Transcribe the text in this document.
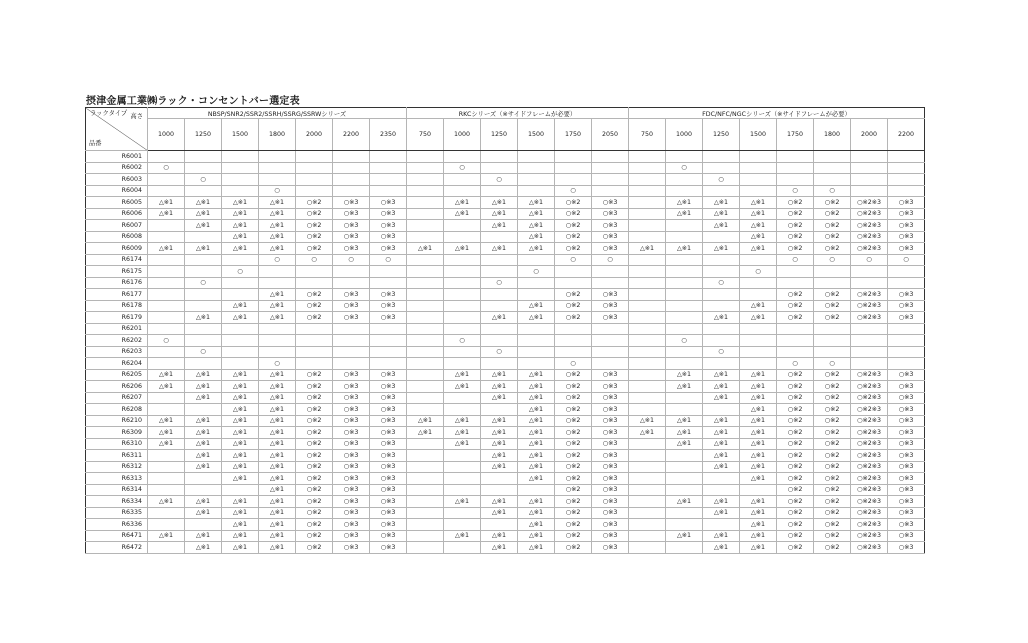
摂津金属工業㈱ラック・コンセントバー選定表
高さ
品番
ラックタイプ	NBSP/SNR2/SSR2/SSRH/SSRG/SSRWシリーズ							RKCシリーズ（※サイドフレームが必要）						FDC/NFC/NGCシリーズ（※サイドフレームが必要）							
	1000	1250	1500	1800	2000	2200	2350	750	1000	1250	1500	1750	2050	750	1000	1250	1500	1750	1800	2000	2200
R6001																					
R6002	○								○						○						
R6003		○								○						○					
R6004				○								○						○	○		
R6005	△※1	△※1	△※1	△※1	○※2	○※3	○※3		△※1	△※1	△※1	○※2	○※3		△※1	△※1	△※1	○※2	○※2	○※2※3	○※3
R6006	△※1	△※1	△※1	△※1	○※2	○※3	○※3		△※1	△※1	△※1	○※2	○※3		△※1	△※1	△※1	○※2	○※2	○※2※3	○※3
R6007		△※1	△※1	△※1	○※2	○※3	○※3			△※1	△※1	○※2	○※3			△※1	△※1	○※2	○※2	○※2※3	○※3
R6008			△※1	△※1	○※2	○※3	○※3				△※1	○※2	○※3				△※1	○※2	○※2	○※2※3	○※3
R6009	△※1	△※1	△※1	△※1	○※2	○※3	○※3	△※1	△※1	△※1	△※1	○※2	○※3	△※1	△※1	△※1	△※1	○※2	○※2	○※2※3	○※3
R6174				○	○	○	○					○	○					○	○	○	○
R6175			○								○						○				
R6176		○								○						○					
R6177				△※1	○※2	○※3	○※3					○※2	○※3					○※2	○※2	○※2※3	○※3
R6178			△※1	△※1	○※2	○※3	○※3				△※1	○※2	○※3				△※1	○※2	○※2	○※2※3	○※3
R6179		△※1	△※1	△※1	○※2	○※3	○※3			△※1	△※1	○※2	○※3			△※1	△※1	○※2	○※2	○※2※3	○※3
R6201																					
R6202	○								○						○						
R6203		○								○						○					
R6204				○								○						○	○		
R6205	△※1	△※1	△※1	△※1	○※2	○※3	○※3		△※1	△※1	△※1	○※2	○※3		△※1	△※1	△※1	○※2	○※2	○※2※3	○※3
R6206	△※1	△※1	△※1	△※1	○※2	○※3	○※3		△※1	△※1	△※1	○※2	○※3		△※1	△※1	△※1	○※2	○※2	○※2※3	○※3
R6207		△※1	△※1	△※1	○※2	○※3	○※3			△※1	△※1	○※2	○※3			△※1	△※1	○※2	○※2	○※2※3	○※3
R6208			△※1	△※1	○※2	○※3	○※3				△※1	○※2	○※3				△※1	○※2	○※2	○※2※3	○※3
R6210	△※1	△※1	△※1	△※1	○※2	○※3	○※3	△※1	△※1	△※1	△※1	○※2	○※3	△※1	△※1	△※1	△※1	○※2	○※2	○※2※3	○※3
R6309	△※1	△※1	△※1	△※1	○※2	○※3	○※3	△※1	△※1	△※1	△※1	○※2	○※3	△※1	△※1	△※1	△※1	○※2	○※2	○※2※3	○※3
R6310	△※1	△※1	△※1	△※1	○※2	○※3	○※3		△※1	△※1	△※1	○※2	○※3		△※1	△※1	△※1	○※2	○※2	○※2※3	○※3
R6311		△※1	△※1	△※1	○※2	○※3	○※3			△※1	△※1	○※2	○※3			△※1	△※1	○※2	○※2	○※2※3	○※3
R6312		△※1	△※1	△※1	○※2	○※3	○※3			△※1	△※1	○※2	○※3			△※1	△※1	○※2	○※2	○※2※3	○※3
R6313			△※1	△※1	○※2	○※3	○※3				△※1	○※2	○※3				△※1	○※2	○※2	○※2※3	○※3
R6314				△※1	○※2	○※3	○※3					○※2	○※3					○※2	○※2	○※2※3	○※3
R6334	△※1	△※1	△※1	△※1	○※2	○※3	○※3		△※1	△※1	△※1	○※2	○※3		△※1	△※1	△※1	○※2	○※2	○※2※3	○※3
R6335		△※1	△※1	△※1	○※2	○※3	○※3			△※1	△※1	○※2	○※3			△※1	△※1	○※2	○※2	○※2※3	○※3
R6336			△※1	△※1	○※2	○※3	○※3				△※1	○※2	○※3				△※1	○※2	○※2	○※2※3	○※3
R6471	△※1	△※1	△※1	△※1	○※2	○※3	○※3		△※1	△※1	△※1	○※2	○※3		△※1	△※1	△※1	○※2	○※2	○※2※3	○※3
R6472		△※1	△※1	△※1	○※2	○※3	○※3			△※1	△※1	○※2	○※3			△※1	△※1	○※2	○※2	○※2※3	○※3
